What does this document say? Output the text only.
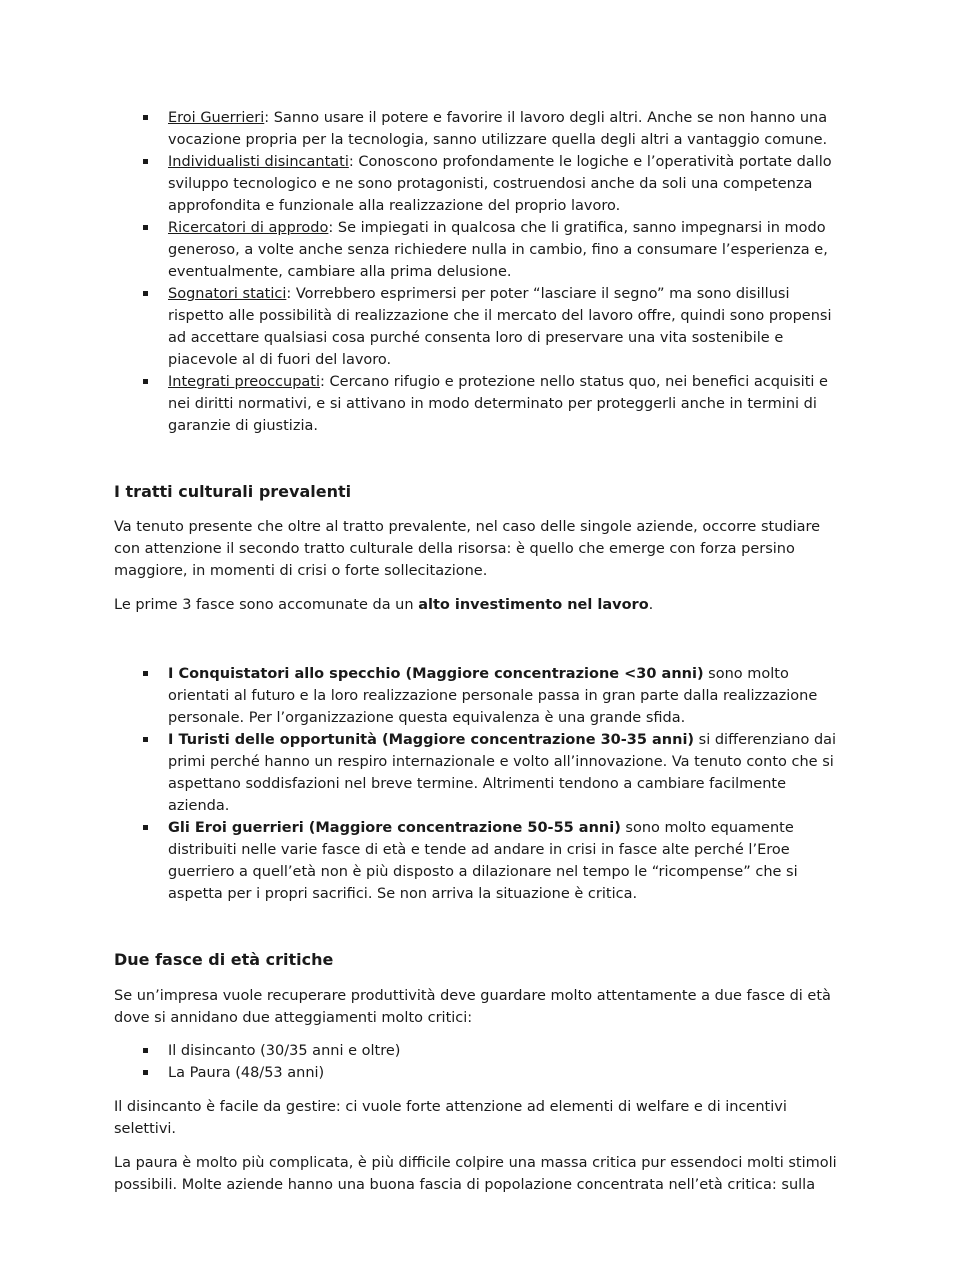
Eroi Guerrieri: Sanno usare il potere e favorire il lavoro degli altri. Anche se non hanno una vocazione propria per la tecnologia, sanno utilizzare quella degli altri a vantaggio comune.
Individualisti disincantati: Conoscono profondamente le logiche e l’operatività portate dallo sviluppo tecnologico e ne sono protagonisti, costruendosi anche da soli una competenza approfondita e funzionale alla realizzazione del proprio lavoro.
Ricercatori di approdo: Se impiegati in qualcosa che li gratifica, sanno impegnarsi in modo generoso, a volte anche senza richiedere nulla in cambio, fino a consumare l’esperienza e, eventualmente, cambiare alla prima delusione.
Sognatori statici: Vorrebbero esprimersi per poter “lasciare il segno” ma sono disillusi rispetto alle possibilità di realizzazione che il mercato del lavoro offre, quindi sono propensi ad accettare qualsiasi cosa purché consenta loro di preservare una vita sostenibile e piacevole al di fuori del lavoro.
Integrati preoccupati: Cercano rifugio e protezione nello status quo, nei benefici acquisiti e nei diritti normativi, e si attivano in modo determinato per proteggerli anche in termini di garanzie di giustizia.
I tratti culturali prevalenti

Va tenuto presente che oltre al tratto prevalente, nel caso delle singole aziende, occorre studiare con attenzione il secondo tratto culturale della risorsa: è quello che emerge con forza persino maggiore, in momenti di crisi o forte sollecitazione.

Le prime 3 fasce sono accomunate da un alto investimento nel lavoro.

I Conquistatori allo specchio (Maggiore concentrazione <30 anni) sono molto orientati al futuro e la loro realizzazione personale passa in gran parte dalla realizzazione personale. Per l’organizzazione questa equivalenza è una grande sfida.
I Turisti delle opportunità (Maggiore concentrazione 30-35 anni) si differenziano dai primi perché hanno un respiro internazionale e volto all’innovazione. Va tenuto conto che si aspettano soddisfazioni nel breve termine. Altrimenti tendono a cambiare facilmente azienda.
Gli Eroi guerrieri (Maggiore concentrazione 50-55 anni) sono molto equamente distribuiti nelle varie fasce di età e tende ad andare in crisi in fasce alte perché l’Eroe guerriero a quell’età non è più disposto a dilazionare nel tempo le “ricompense” che si aspetta per i propri sacrifici. Se non arriva la situazione è critica.
Due fasce di età critiche

Se un’impresa vuole recuperare produttività deve guardare molto attentamente a due fasce di età dove si annidano due atteggiamenti molto critici:

Il disincanto (30/35 anni e oltre)
La Paura (48/53 anni)

Il disincanto è facile da gestire: ci vuole forte attenzione ad elementi di welfare e di incentivi selettivi.

La paura è molto più complicata, è più difficile colpire una massa critica pur essendoci molti stimoli possibili. Molte aziende hanno una buona fascia di popolazione concentrata nell’età critica: sulla
